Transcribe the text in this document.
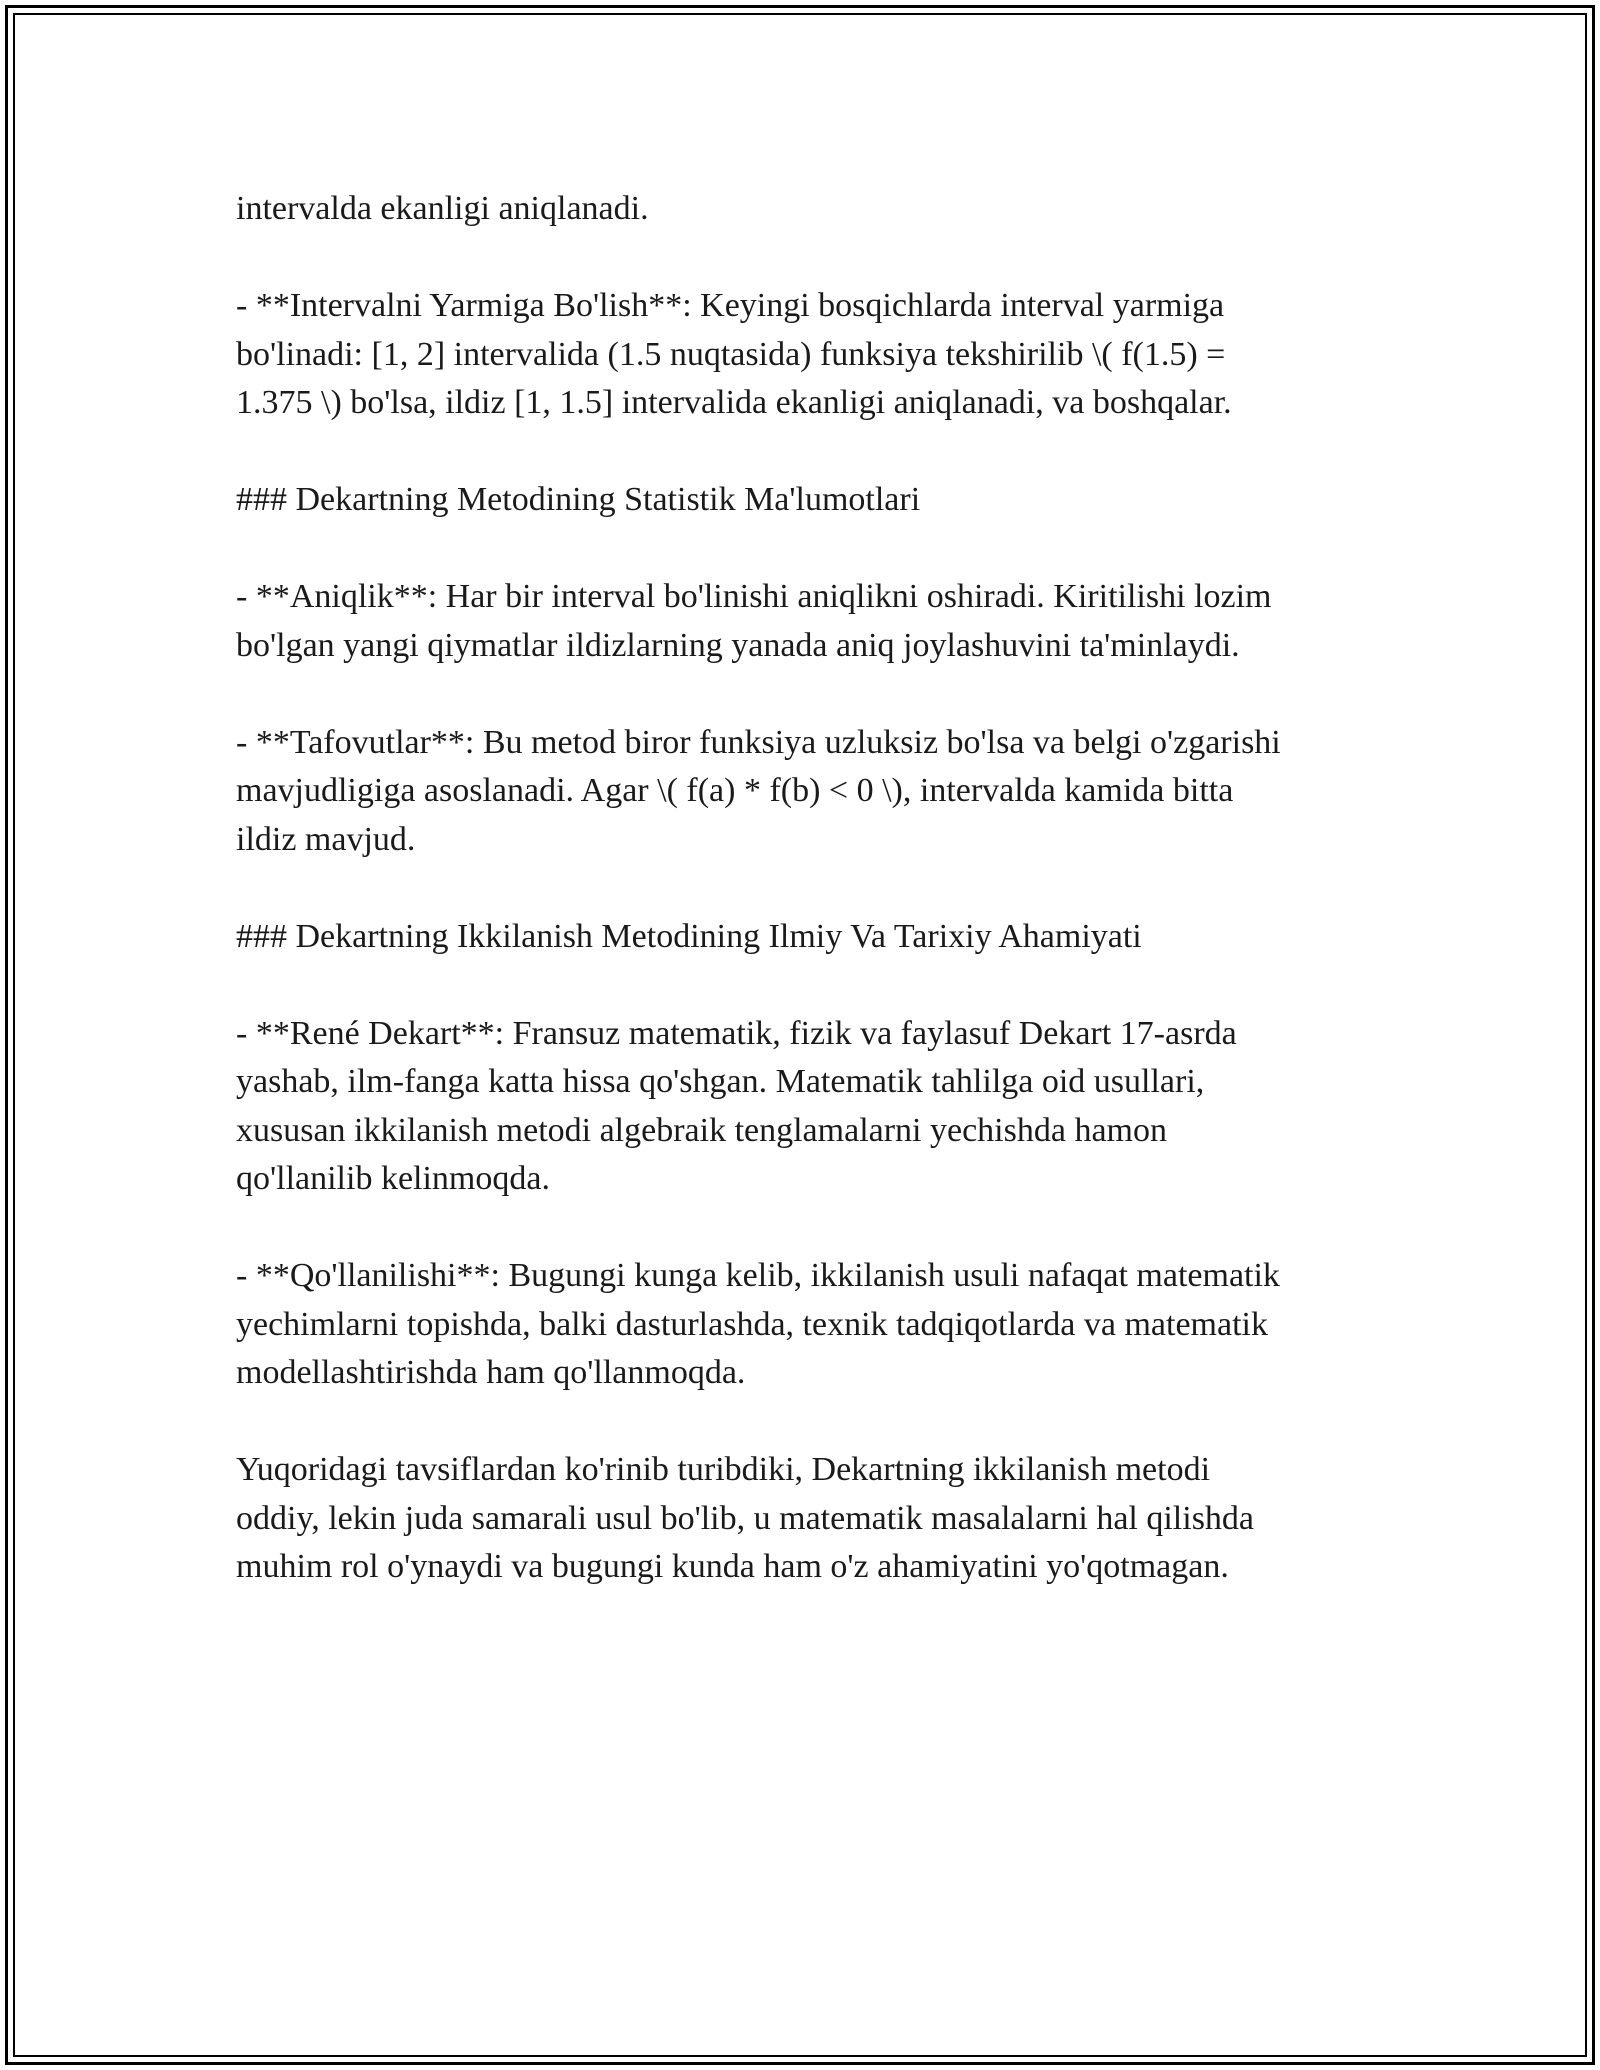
intervalda ekanligi aniqlanadi.

- **Intervalni Yarmiga Bo'lish**: Keyingi bosqichlarda interval yarmiga
bo'linadi: [1, 2] intervalida (1.5 nuqtasida) funksiya tekshirilib \( f(1.5) =
1.375 \) bo'lsa, ildiz [1, 1.5] intervalida ekanligi aniqlanadi, va boshqalar.

### Dekartning Metodining Statistik Ma'lumotlari

- **Aniqlik**: Har bir interval bo'linishi aniqlikni oshiradi. Kiritilishi lozim
bo'lgan yangi qiymatlar ildizlarning yanada aniq joylashuvini ta'minlaydi.

- **Tafovutlar**: Bu metod biror funksiya uzluksiz bo'lsa va belgi o'zgarishi
mavjudligiga asoslanadi. Agar \( f(a) * f(b) < 0 \), intervalda kamida bitta
ildiz mavjud.

### Dekartning Ikkilanish Metodining Ilmiy Va Tarixiy Ahamiyati

- **René Dekart**: Fransuz matematik, fizik va faylasuf Dekart 17-asrda
yashab, ilm-fanga katta hissa qo'shgan. Matematik tahlilga oid usullari,
xususan ikkilanish metodi algebraik tenglamalarni yechishda hamon
qo'llanilib kelinmoqda.

- **Qo'llanilishi**: Bugungi kunga kelib, ikkilanish usuli nafaqat matematik
yechimlarni topishda, balki dasturlashda, texnik tadqiqotlarda va matematik
modellashtirishda ham qo'llanmoqda.

Yuqoridagi tavsiflardan ko'rinib turibdiki, Dekartning ikkilanish metodi
oddiy, lekin juda samarali usul bo'lib, u matematik masalalarni hal qilishda
muhim rol o'ynaydi va bugungi kunda ham o'z ahamiyatini yo'qotmagan.
